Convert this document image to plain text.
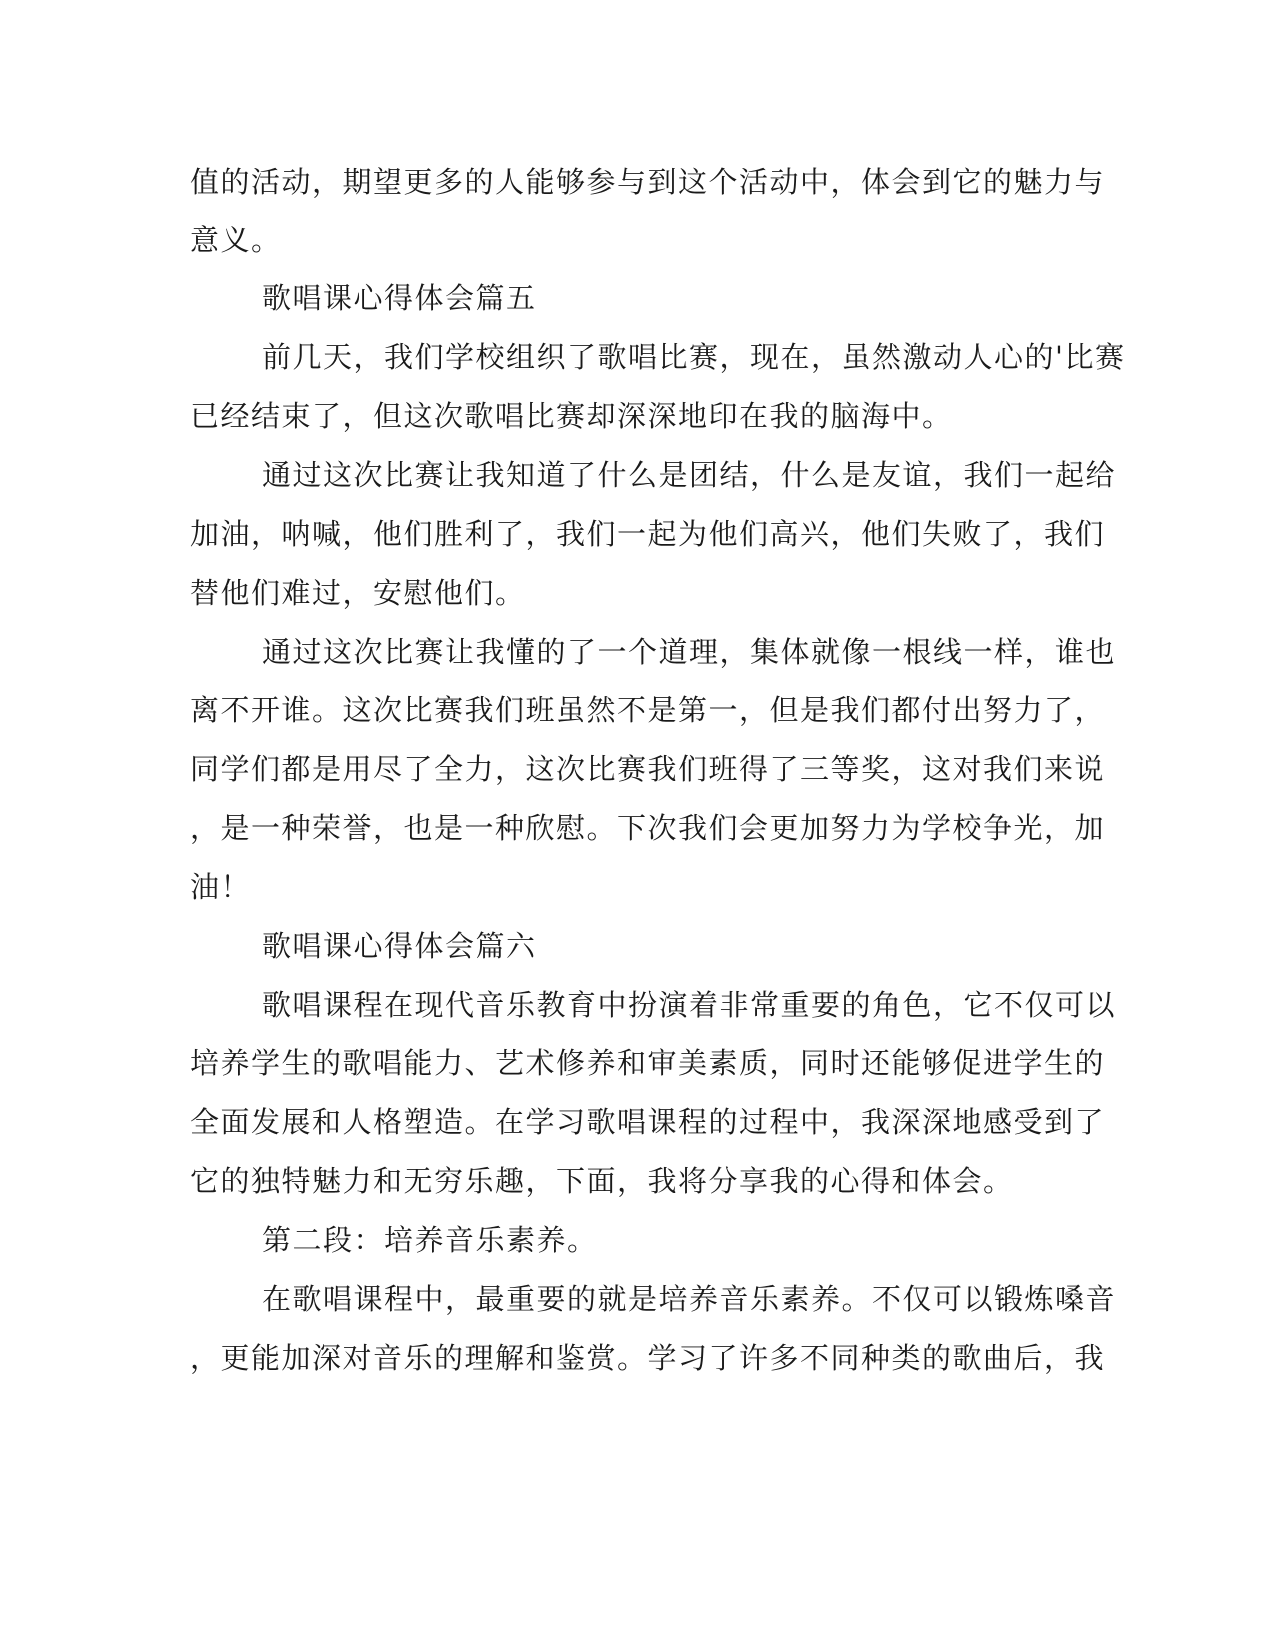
值的活动，期望更多的人能够参与到这个活动中，体会到它的魅力与
意义。
歌唱课心得体会篇五
前几天，我们学校组织了歌唱比赛，现在，虽然激动人心的'比赛
已经结束了，但这次歌唱比赛却深深地印在我的脑海中。
通过这次比赛让我知道了什么是团结，什么是友谊，我们一起给
加油，呐喊，他们胜利了，我们一起为他们高兴，他们失败了，我们
替他们难过，安慰他们。
通过这次比赛让我懂的了一个道理，集体就像一根线一样，谁也
离不开谁。这次比赛我们班虽然不是第一，但是我们都付出努力了，
同学们都是用尽了全力，这次比赛我们班得了三等奖，这对我们来说
，是一种荣誉，也是一种欣慰。下次我们会更加努力为学校争光，加
油！
歌唱课心得体会篇六
歌唱课程在现代音乐教育中扮演着非常重要的角色，它不仅可以
培养学生的歌唱能力、艺术修养和审美素质，同时还能够促进学生的
全面发展和人格塑造。在学习歌唱课程的过程中，我深深地感受到了
它的独特魅力和无穷乐趣，下面，我将分享我的心得和体会。
第二段：培养音乐素养。
在歌唱课程中，最重要的就是培养音乐素养。不仅可以锻炼嗓音
，更能加深对音乐的理解和鉴赏。学习了许多不同种类的歌曲后，我
